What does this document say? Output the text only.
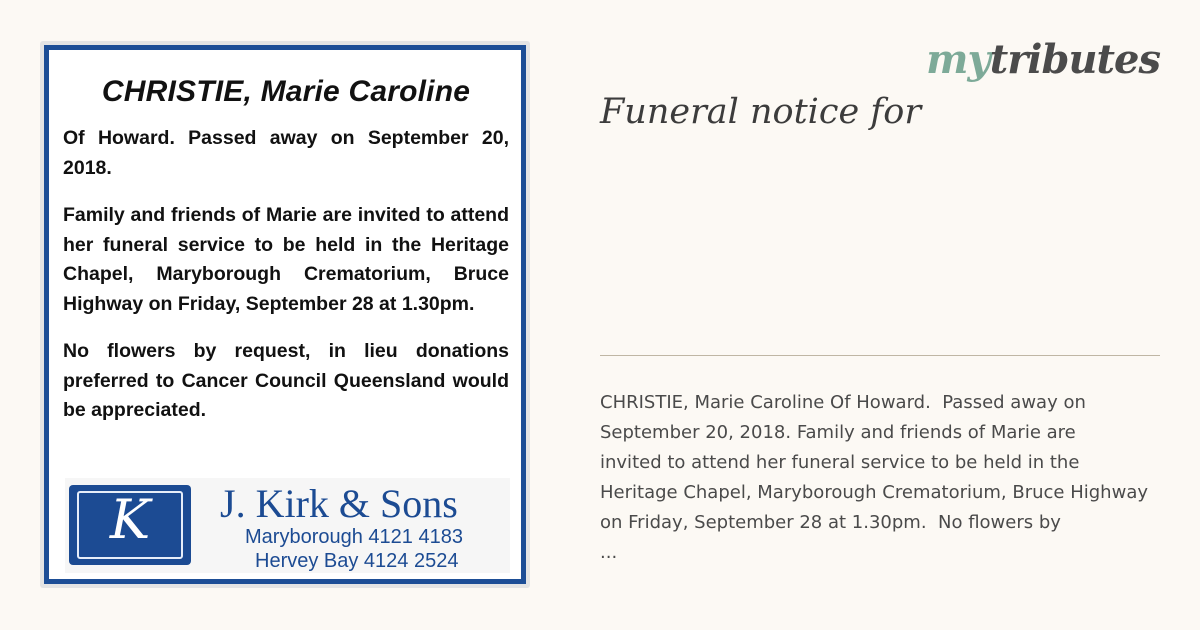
CHRISTIE, Marie Caroline

Of Howard. Passed away on September 20, 2018.

Family and friends of Marie are invited to attend her funeral service to be held in the Heritage Chapel, Maryborough Crematorium, Bruce Highway on Friday, September 28 at 1.30pm.

No flowers by request, in lieu donations preferred to Cancer Council Queensland would be appreciated.

K	J. Kirk & Sons
Maryborough 4121 4183
Hervey Bay 4124 2524
mytributes
Funeral notice for
CHRISTIE, Marie Caroline Of Howard.  Passed away on
September 20, 2018. Family and friends of Marie are
invited to attend her funeral service to be held in the
Heritage Chapel, Maryborough Crematorium, Bruce Highway
on Friday, September 28 at 1.30pm.  No flowers by
...
